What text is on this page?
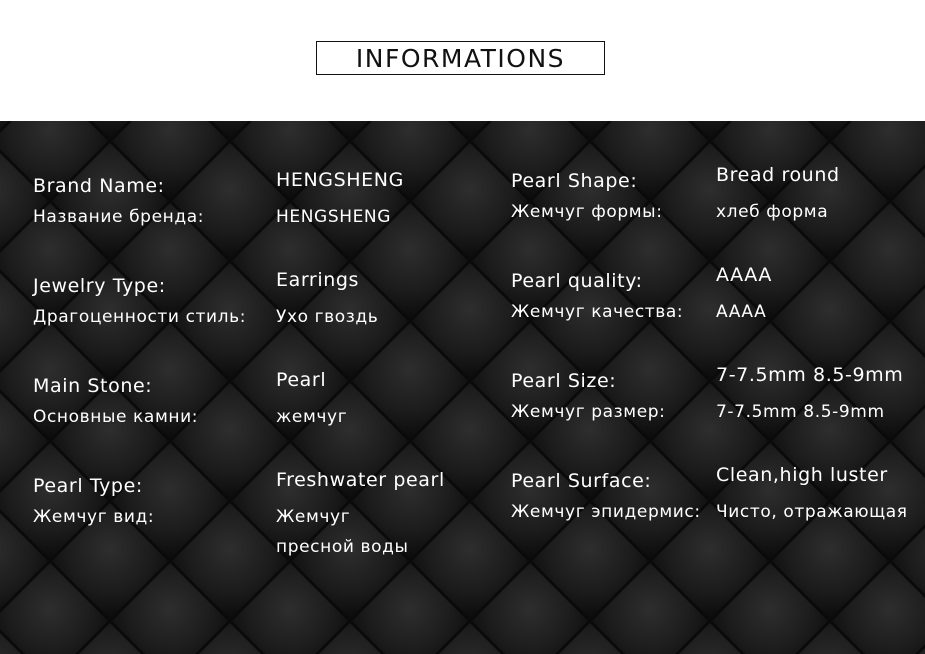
INFORMATIONS
Brand Name:
Название бренда:
HENGSHENG
HENGSHENG
Jewelry Type:
Драгоценности стиль:
Earrings
Ухо гвоздь
Main Stone:
Основные камни:
Pearl
жемчуг
Pearl Type:
Жемчуг вид:
Freshwater pearl
Жемчуг
пресной воды
Pearl Shape:
Жемчуг формы:
Bread round
хлеб форма
Pearl quality:
Жемчуг качества:
AAAA
AAAA
Pearl Size:
Жемчуг размер:
7-7.5mm 8.5-9mm
7-7.5mm 8.5-9mm
Pearl Surface:
Жемчуг эпидермис:
Clean,high luster
Чисто, отражающая
